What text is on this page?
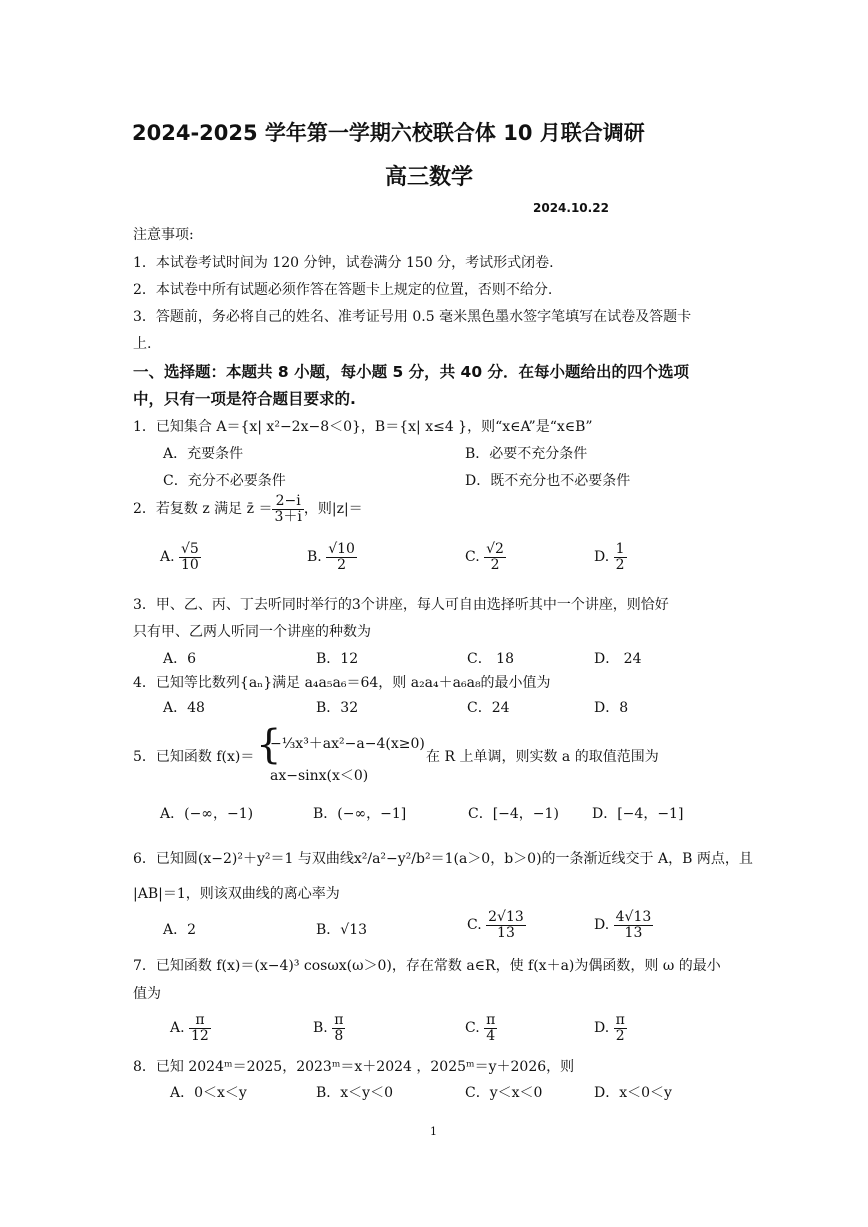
2024-2025 学年第一学期六校联合体 10 月联合调研
高三数学
2024.10.22
注意事项:
1．本试卷考试时间为 120 分钟，试卷满分 150 分，考试形式闭卷.
2．本试卷中所有试题必须作答在答题卡上规定的位置，否则不给分.
3．答题前，务必将自己的姓名、准考证号用 0.5 毫米黑色墨水签字笔填写在试卷及答题卡
上.
一、选择题：本题共 8 小题，每小题 5 分，共 40 分．在每小题给出的四个选项
中，只有一项是符合题目要求的.
1．已知集合 A＝{x| x²−2x−8＜0}，B＝{x| x≤4 }，则“x∈A”是“x∈B”
A．充要条件	B．必要不充分条件
C．充分不必要条件	D．既不充分也不必要条件
2．若复数 z 满足 z̄ ＝ $\frac{2-i}{3+i}$ ，则|z|＝
A. $\frac{√5}{10}$	B. $\frac{√10}{2}$	C. $\frac{√2}{2}$	D. $\frac{1}{2}$
3．甲、乙、丙、丁去听同时举行的3个讲座，每人可自由选择听其中一个讲座，则恰好
只有甲、乙两人听同一个讲座的种数为
A．6	B．12	C． 18	D． 24
4．已知等比数列{aₙ}满足 a₄a₅a₆＝64，则 a₂a₄＋a₆a₈的最小值为
A．48	B．32	C．24	D．8
5．已知函数 f(x)＝ {
−⅓x³＋ax²−a−4(x≥0)
ax−sinx(x＜0)
在 R 上单调，则实数 a 的取值范围为
A．(−∞，−1)	B．(−∞，−1]	C．[−4，−1) D．[−4，−1]
6．已知圆(x−2)²＋y²＝1 与双曲线x²/a²−y²/b²＝1(a＞0，b＞0)的一条渐近线交于 A，B 两点，且
|AB|＝1，则该双曲线的离心率为
A．2	B．√13	C. $\frac{2√13}{13}$	D. $\frac{4√13}{13}$
7．已知函数 f(x)＝(x−4)³ cosωx(ω＞0)，存在常数 a∈R，使 f(x＋a)为偶函数，则 ω 的最小
值为
A. $\frac{\pi}{12}$	B. $\frac{\pi}{8}$	C. $\frac{\pi}{4}$	D. $\frac{\pi}{2}$
8．已知 2024ᵐ＝2025，2023ᵐ＝x＋2024 ，2025ᵐ＝y＋2026，则
A．0＜x＜y	B．x＜y＜0	C．y＜x＜0	D．x＜0＜y
1
